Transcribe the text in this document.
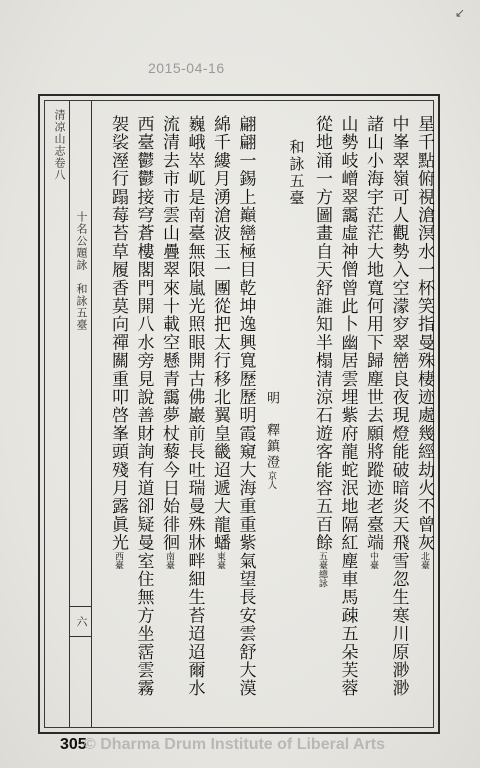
↙
2015-04-16
清凉山志卷八
十名公題詠　和詠五臺
六
星千點俯視滄溟水一杯笑指曼殊棲迹處幾經劫火不曾灰北臺
中峯翠嶺可人觀勢入空濛穸翠巒良夜現燈能破暗炎天飛雪忽生寒川原渺渺
諸山小海宇茫茫大地寬何用下歸塵世去願將蹤迹老臺端中臺
山勢岐嶒翠靄虛神僧曾此卜幽居雲埋紫府龍蛇泯地隔紅塵車馬疎五朵芙蓉
從地涌一方圖畫自天舒誰知半榻清涼石遊客能容五百餘五臺總詠
和詠五臺
明　釋鎮澄京人
翩翩一錫上巔巒極目乾坤逸興寬歷歷明霞窺大海重重紫氣望長安雲舒大漠
綿千縷月湧滄波玉一團從把太行移北翼皇畿迢遞大龍蟠東臺
巍峨崒屼是南臺無限嵐光照眼開古佛巖前長吐瑞曼殊牀畔細生苔迢迢爾水
流清去市市雲山疊翠來十載空懸青靄夢杖藜今日始徘徊南臺
西臺鬱鬱接穹蒼樓閣門開八水旁見說善財詢有道卻疑曼室住無方坐霑雲霧
袈裟溼行蹋莓苔草履香莫向禪關重叩啓峯頭殘月露眞光西臺
305
© Dharma Drum Institute of Liberal Arts
